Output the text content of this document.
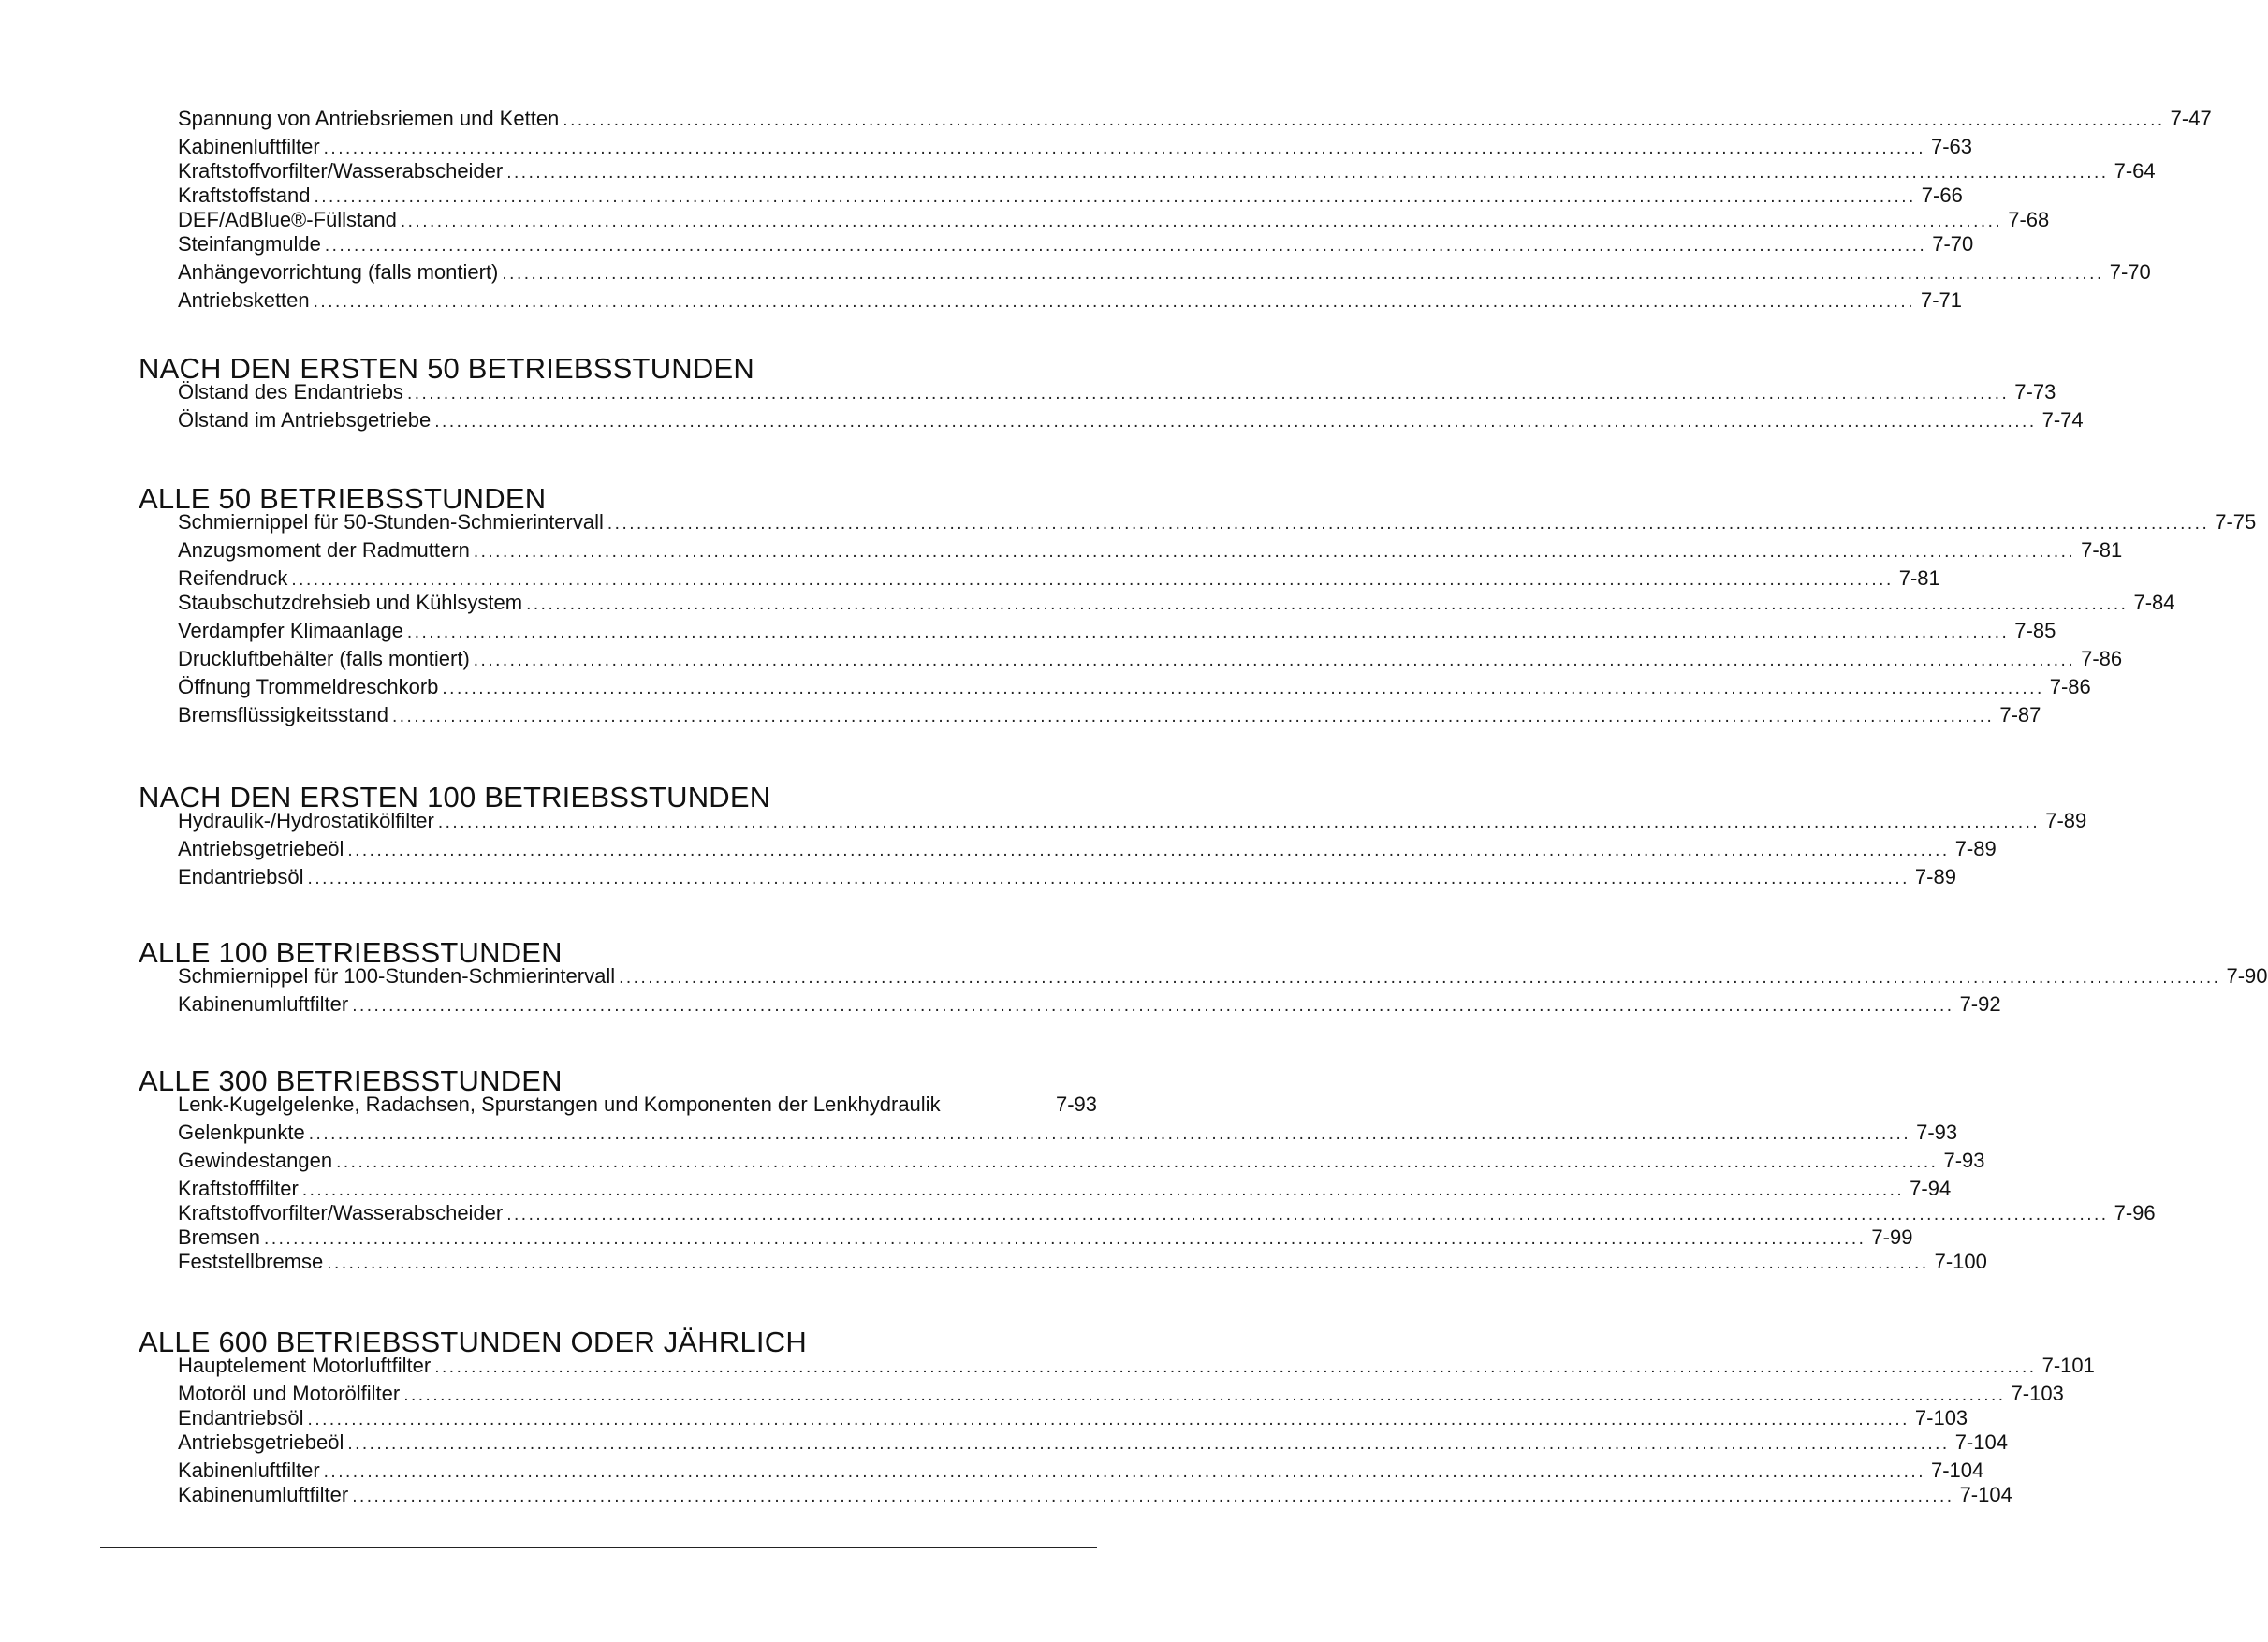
Spannung von Antriebsriemen und Ketten ............................................................................................................................................................................................................................ 7-47
Kabinenluftfilter ............................................................................................................................................................................................................................ 7-63
Kraftstoffvorfilter/Wasserabscheider ............................................................................................................................................................................................................................ 7-64
Kraftstoffstand ............................................................................................................................................................................................................................ 7-66
DEF/AdBlue®-Füllstand ............................................................................................................................................................................................................................ 7-68
Steinfangmulde ............................................................................................................................................................................................................................ 7-70
Anhängevorrichtung (falls montiert) ............................................................................................................................................................................................................................ 7-70
Antriebsketten ............................................................................................................................................................................................................................ 7-71
NACH DEN ERSTEN 50 BETRIEBSSTUNDEN
Ölstand des Endantriebs ............................................................................................................................................................................................................................ 7-73
Ölstand im Antriebsgetriebe ............................................................................................................................................................................................................................ 7-74
ALLE 50 BETRIEBSSTUNDEN
Schmiernippel für 50-Stunden-Schmierintervall ............................................................................................................................................................................................................................ 7-75
Anzugsmoment der Radmuttern ............................................................................................................................................................................................................................ 7-81
Reifendruck ............................................................................................................................................................................................................................ 7-81
Staubschutzdrehsieb und Kühlsystem ............................................................................................................................................................................................................................ 7-84
Verdampfer Klimaanlage ............................................................................................................................................................................................................................ 7-85
Druckluftbehälter (falls montiert) ............................................................................................................................................................................................................................ 7-86
Öffnung Trommeldreschkorb ............................................................................................................................................................................................................................ 7-86
Bremsflüssigkeitsstand ............................................................................................................................................................................................................................ 7-87
NACH DEN ERSTEN 100 BETRIEBSSTUNDEN
Hydraulik-/Hydrostatikölfilter ............................................................................................................................................................................................................................ 7-89
Antriebsgetriebeöl ............................................................................................................................................................................................................................ 7-89
Endantriebsöl ............................................................................................................................................................................................................................ 7-89
ALLE 100 BETRIEBSSTUNDEN
Schmiernippel für 100-Stunden-Schmierintervall ............................................................................................................................................................................................................................ 7-90
Kabinenumluftfilter ............................................................................................................................................................................................................................ 7-92
ALLE 300 BETRIEBSSTUNDEN
Lenk-Kugelgelenke, Radachsen, Spurstangen und Komponenten der Lenkhydraulik	7-93
Gelenkpunkte ............................................................................................................................................................................................................................ 7-93
Gewindestangen ............................................................................................................................................................................................................................ 7-93
Kraftstofffilter ............................................................................................................................................................................................................................ 7-94
Kraftstoffvorfilter/Wasserabscheider ............................................................................................................................................................................................................................ 7-96
Bremsen ............................................................................................................................................................................................................................ 7-99
Feststellbremse ............................................................................................................................................................................................................................ 7-100
ALLE 600 BETRIEBSSTUNDEN ODER JÄHRLICH
Hauptelement Motorluftfilter ............................................................................................................................................................................................................................ 7-101
Motoröl und Motorölfilter ............................................................................................................................................................................................................................ 7-103
Endantriebsöl ............................................................................................................................................................................................................................ 7-103
Antriebsgetriebeöl ............................................................................................................................................................................................................................ 7-104
Kabinenluftfilter ............................................................................................................................................................................................................................ 7-104
Kabinenumluftfilter ............................................................................................................................................................................................................................ 7-104
